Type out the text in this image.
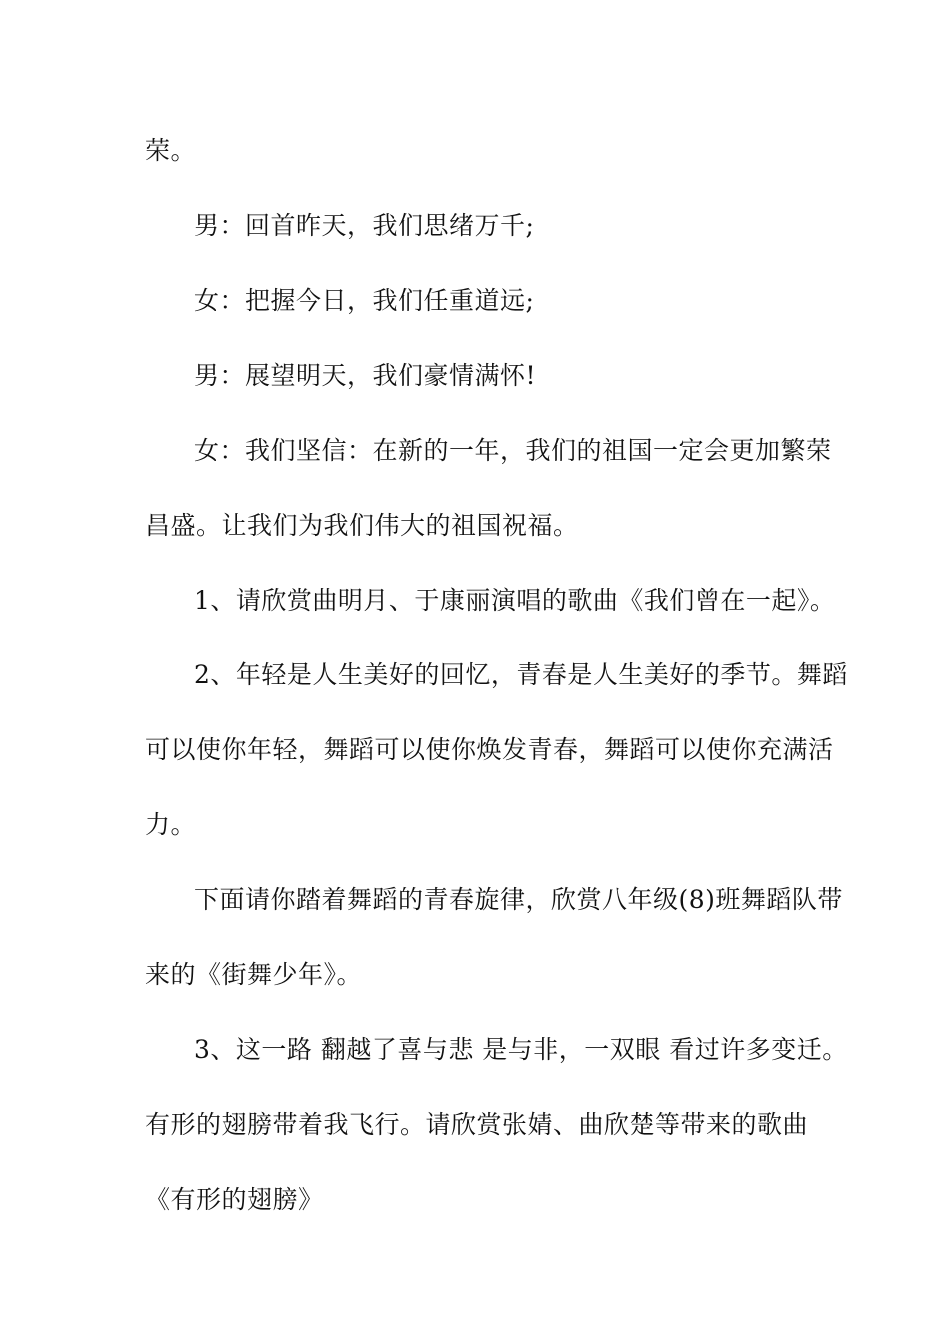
荣。
男：回首昨天，我们思绪万千;
女：把握今日，我们任重道远;
男：展望明天，我们豪情满怀!
女：我们坚信：在新的一年，我们的祖国一定会更加繁荣
昌盛。让我们为我们伟大的祖国祝福。
1、请欣赏曲明月、于康丽演唱的歌曲《我们曾在一起》。
2、年轻是人生美好的回忆，青春是人生美好的季节。舞蹈
可以使你年轻，舞蹈可以使你焕发青春，舞蹈可以使你充满活
力。
下面请你踏着舞蹈的青春旋律，欣赏八年级(8)班舞蹈队带
来的《街舞少年》。
3、这一路 翻越了喜与悲 是与非，一双眼 看过许多变迁。
有形的翅膀带着我飞行。请欣赏张婧、曲欣楚等带来的歌曲
《有形的翅膀》
